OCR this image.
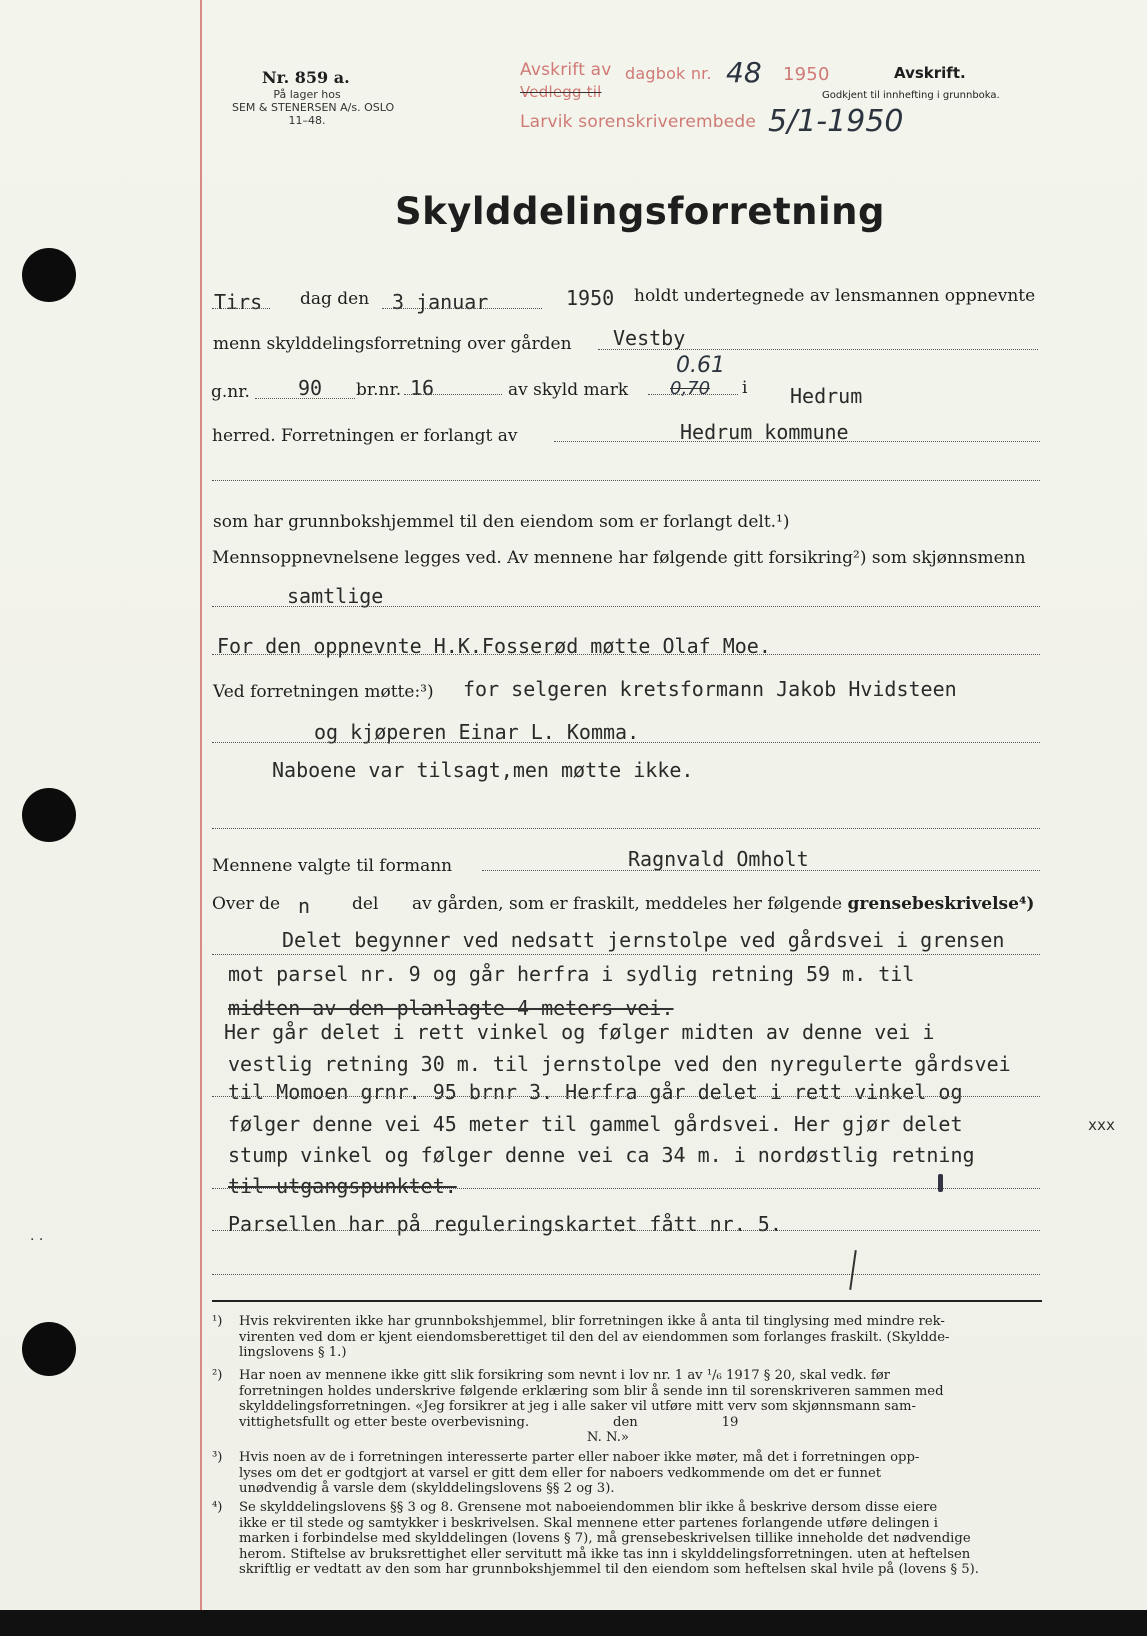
. .
Nr. 859 a.
På lager hos
SEM & STENERSEN A/s. OSLO
11–48.
Avskrift av dagbok nr.
Vedlegg til
Larvik sorenskriverembede
48 1950
5/1-1950
Avskrift.
Godkjent til innhefting i grunnboka.
Skylddelingsforretning
Tirs dag den 3 januar	1950 holdt undertegnede av lensmannen oppnevnte
menn skylddelingsforretning over gården Vestby
g.nr. 90 br.nr. 16	av skyld mark
0.61
0,70 i Hedrum
herred. Forretningen er forlangt av	Hedrum kommune
som har grunnbokshjemmel til den eiendom som er forlangt delt.¹)
Mennsoppnevnelsene legges ved. Av mennene har følgende gitt forsikring²) som skjønnsmenn
samtlige
For den oppnevnte H.K.Fosserød møtte Olaf Moe.
Ved forretningen møtte:³) for selgeren kretsformann Jakob Hvidsteen
og kjøperen Einar L. Komma.
Naboene var tilsagt,men møtte ikke.
Mennene valgte til formann	Ragnvald Omholt
Over de n del av gården, som er fraskilt, meddeles her følgende grensebeskrivelse⁴)
Delet begynner ved nedsatt jernstolpe ved gårdsvei i grensen
mot parsel nr. 9 og går herfra i sydlig retning 59 m. til
midten av den planlagte 4 meters vei.
Her går delet i rett vinkel og følger midten av denne vei i
vestlig retning 30 m. til jernstolpe ved den nyregulerte gårdsvei
til Momoen grnr. 95 brnr 3. Herfra går delet i rett vinkel og
følger denne vei 45 meter til gammel gårdsvei. Her gjør delet	xxx
stump vinkel og følger denne vei ca 34 m. i nordøstlig retning
til utgangspunktet.
Parsellen har på reguleringskartet fått nr. 5.
¹) Hvis rekvirenten ikke har grunnbokshjemmel, blir forretningen ikke å anta til tinglysing med mindre rek-
virenten ved dom er kjent eiendomsberettiget til den del av eiendommen som forlanges fraskilt. (Skyldde-
lingslovens § 1.)
²) Har noen av mennene ikke gitt slik forsikring som nevnt i lov nr. 1 av ¹/₆ 1917 § 20, skal vedk. før
forretningen holdes underskrive følgende erklæring som blir å sende inn til sorenskriveren sammen med
skylddelingsforretningen. «Jeg forsikrer at jeg i alle saker vil utføre mitt verv som skjønnsmann sam-
vittighetsfullt og etter beste overbevisning.                    den                    19
N. N.»
³) Hvis noen av de i forretningen interesserte parter eller naboer ikke møter, må det i forretningen opp-
lyses om det er godtgjort at varsel er gitt dem eller for naboers vedkommende om det er funnet
unødvendig å varsle dem (skylddelingslovens §§ 2 og 3).
⁴) Se skylddelingslovens §§ 3 og 8. Grensene mot naboeiendommen blir ikke å beskrive dersom disse eiere
ikke er til stede og samtykker i beskrivelsen. Skal mennene etter partenes forlangende utføre delingen i
marken i forbindelse med skylddelingen (lovens § 7), må grensebeskrivelsen tillike inneholde det nødvendige
herom. Stiftelse av bruksrettighet eller servitutt må ikke tas inn i skylddelingsforretningen. uten at heftelsen
skriftlig er vedtatt av den som har grunnbokshjemmel til den eiendom som heftelsen skal hvile på (lovens § 5).
